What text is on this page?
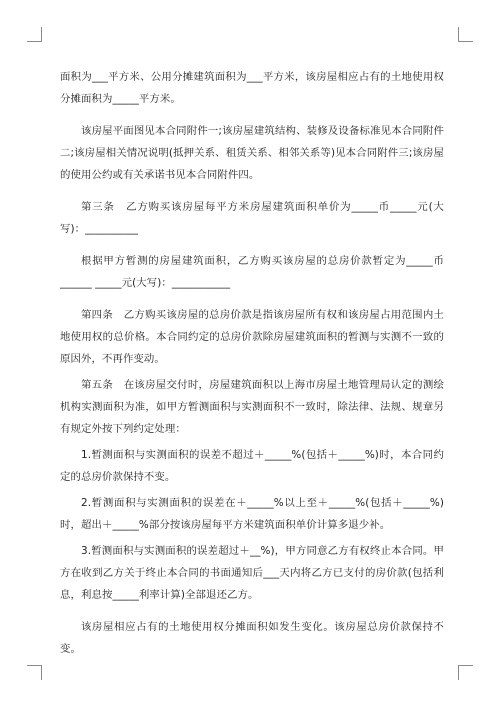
面积为___平方米、公用分摊建筑面积为___平方米，该房屋相应占有的土地使用权分摊面积为_____平方米。

该房屋平面图见本合同附件一;该房屋建筑结构、装修及设备标准见本合同附件二;该房屋相关情况说明(抵押关系、租赁关系、相邻关系等)见本合同附件三;该房屋的使用公约或有关承诺书见本合同附件四。

第三条　乙方购买该房屋每平方米房屋建筑面积单价为_____币_____元(大写)：__________

根据甲方暂测的房屋建筑面积，乙方购买该房屋的总房价款暂定为_____币______ _____元(大写)：___________

第四条　乙方购买该房屋的总房价款是指该房屋所有权和该房屋占用范围内土地使用权的总价格。本合同约定的总房价款除房屋建筑面积的暂测与实测不一致的原因外，不再作变动。

第五条　在该房屋交付时，房屋建筑面积以上海市房屋土地管理局认定的测绘机构实测面积为准，如甲方暂测面积与实测面积不一致时，除法律、法规、规章另有规定外按下列约定处理：

1.暂测面积与实测面积的误差不超过＋_____%(包括＋_____%)时，本合同约定的总房价款保持不变。

2.暂测面积与实测面积的误差在＋_____%以上至＋_____%(包括＋_____%)时，超出＋_____%部分按该房屋每平方米建筑面积单价计算多退少补。

3.暂测面积与实测面积的误差超过＋__%)，甲方同意乙方有权终止本合同。甲方在收到乙方关于终止本合同的书面通知后___天内将乙方已支付的房价款(包括利息，利息按_____利率计算)全部退还乙方。

该房屋相应占有的土地使用权分摊面积如发生变化。该房屋总房价款保持不变。
